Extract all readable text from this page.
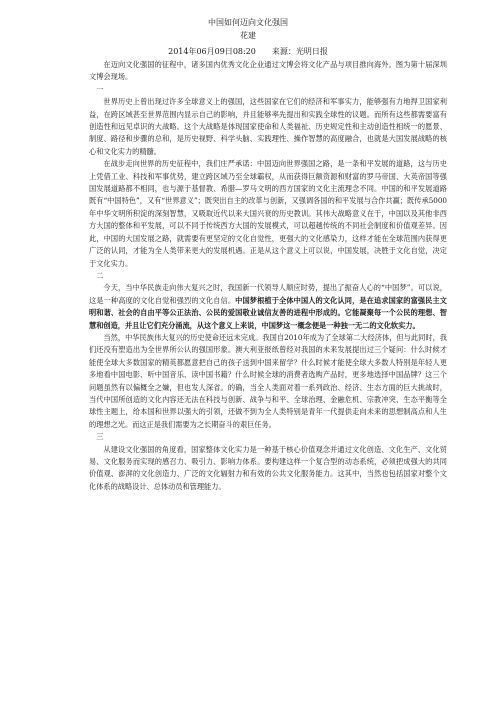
中国如何迈向文化强国
花建
2014年06月09日08:20　　来源：光明日报

在迈向文化强国的征程中，诸多国内优秀文化企业通过文博会将文化产品与项目推向海外。图为第十届深圳文博会现场。

一

世界历史上曾出现过许多全球意义上的强国，这些国家在它们的经济和军事实力，能够强有力地捍卫国家利益，在跨区域甚至世界范围内显示自己的影响，并且能够率先提出和实践全球性的议题。而所有这些都需要富有创造性和远见卓识的大战略。这个大战略是体现国家使命和人类福祉、历史规定性和主动创造性相统一的愿景、制度、路径和步骤的总和，是历史视野、科学头脑、实践理性、操作智慧的高度融合，也就是大国发展战略的核心和文化实力的精髓。

在战步走向世界的历史征程中，我们庄严承诺：中国迈向世界强国之路，是一条和平发展的道路，这与历史上凭借工业、科技和军事优势，建立跨区域乃至全球霸权，从而获得巨额资源和财富的罗马帝国、大英帝国等强国发展道路都不相同，也与源于基督教、希腊—罗马文明的西方国家的文化主流理念不同。中国的和平发展道路既有“中国特色”，又有“世界意义”；既突出自主的改革与创新，又强调各国的和平发展与合作共赢；既传承5000年中华文明所积淀的深刻智慧，又吸取近代以来大国兴衰的历史教训。其伟大战略意义在于，中国以及其他非西方大国的整体和平发展，可以不同于传统西方大国的发展模式，可以超越传统的不同社会制度和价值观差异。因此，中国的大国发展之路，就需要有更坚定的文化自觉性，更强大的文化感染力，这样才能在全球范围内获得更广泛的认同，才能为全人类带来更大的发展机遇。正是从这个意义上可以说，中国发展，决胜于文化自觉，决定于文化实力。

二

今天，当中华民族走向伟大复兴之时，我国新一代领导人顺应时势，提出了振奋人心的“中国梦”。可以说，这是一种高度的文化自觉和强烈的文化自信。中国梦根植于全体中国人的文化认同，是在追求国家的富强民主文明和谐、社会的自由平等公正法治、公民的爱国敬业诚信友善的进程中形成的。它能凝聚每一个公民的理想、智慧和创造，并且让它们充分涌流，从这个意义上来说，中国梦这一概念便是一种独一无二的文化软实力。

当然，中华民族伟大复兴的历史使命还远未完成。我国自2010年成为了全球第二大经济体，但与此同时，我们还没有塑造出为全世界所公认的强国形象。澳大利亚报纸曾经对我国的未来发展提出过三个疑问：什么时候才能使全球大多数国家的精英都愿意把自己的孩子送到中国来留学？什么时候才能使全球大多数人特别是年轻人更多地看中国电影、听中国音乐、读中国书籍？什么时候全球的消费者选购产品时，更多地选择中国品牌？这三个问题虽然有以偏概全之嫌，但也发人深省。的确，当全人类面对着一系列政治、经济、生态方面的巨大挑战时，当代中国所创造的文化内容还无法在科技与创新、战争与和平、全球治理、金融危机、宗教冲突、生态平衡等全球性主题上，给本国和世界以强大的引领，还做不到为全人类特别是青年一代提供走向未来的思想制高点和人生的理想之光。而这正是我们需要为之长期奋斗的艰巨任务。

三

从建设文化强国的角度看，国家整体文化实力是一种基于核心价值观念并通过文化创造、文化生产、文化贸易、文化服务而实现的感召力、吸引力、影响力体系。要构建这样一个复合型的动态系统，必须把成强大的共同价值观、澎湃的文化创造力、广泛的文化辐射力和有效的公共文化服务能力。这其中，当然也包括国家对整个文化体系的战略设计、总体动员和管理能力。
